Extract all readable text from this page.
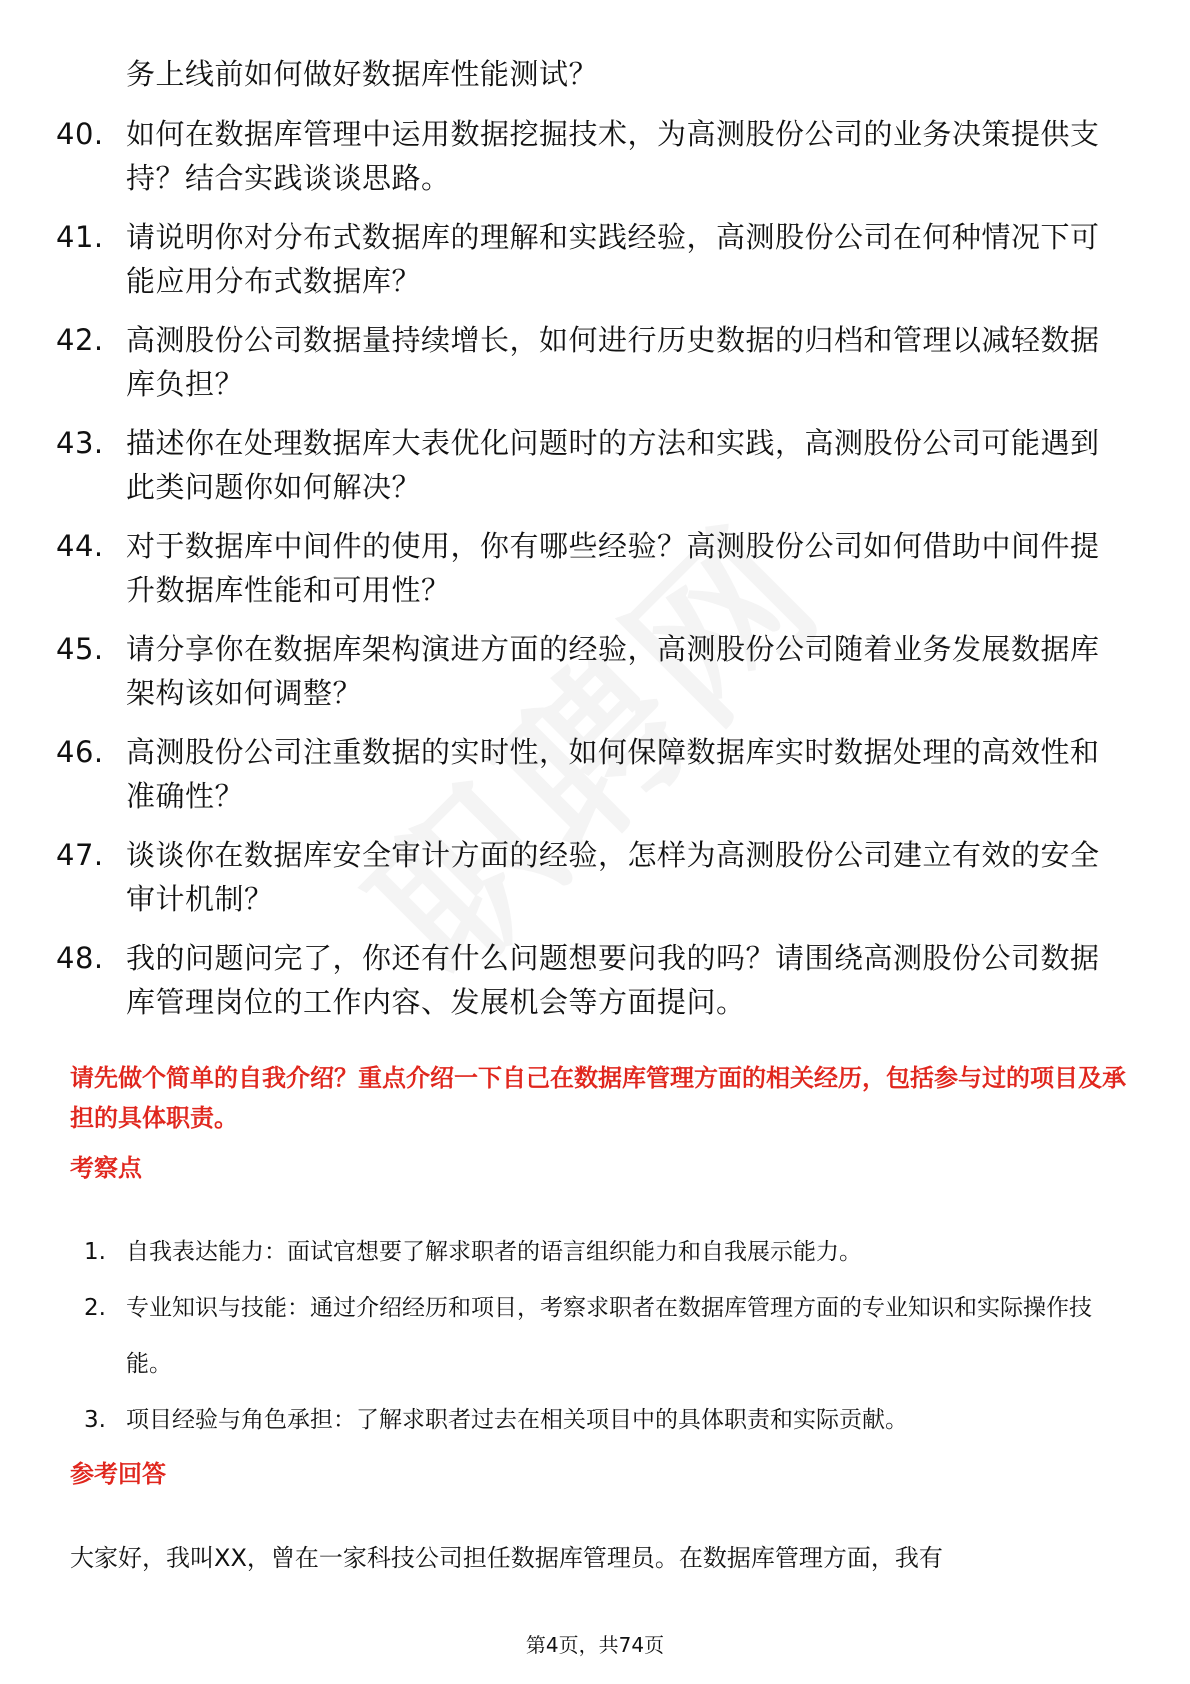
务上线前如何做好数据库性能测试？
40. 如何在数据库管理中运用数据挖掘技术，为高测股份公司的业务决策提供支持？结合实践谈谈思路。
41. 请说明你对分布式数据库的理解和实践经验，高测股份公司在何种情况下可能应用分布式数据库？
42. 高测股份公司数据量持续增长，如何进行历史数据的归档和管理以减轻数据库负担？
43. 描述你在处理数据库大表优化问题时的方法和实践，高测股份公司可能遇到此类问题你如何解决？
44. 对于数据库中间件的使用，你有哪些经验？高测股份公司如何借助中间件提升数据库性能和可用性？
45. 请分享你在数据库架构演进方面的经验，高测股份公司随着业务发展数据库架构该如何调整？
46. 高测股份公司注重数据的实时性，如何保障数据库实时数据处理的高效性和准确性？
47. 谈谈你在数据库安全审计方面的经验，怎样为高测股份公司建立有效的安全审计机制？
48. 我的问题问完了，你还有什么问题想要问我的吗？请围绕高测股份公司数据库管理岗位的工作内容、发展机会等方面提问。
请先做个简单的自我介绍？重点介绍一下自己在数据库管理方面的相关经历，包括参与过的项目及承担的具体职责。
考察点
1. 自我表达能力：面试官想要了解求职者的语言组织能力和自我展示能力。
2. 专业知识与技能：通过介绍经历和项目，考察求职者在数据库管理方面的专业知识和实际操作技能。
3. 项目经验与角色承担：了解求职者过去在相关项目中的具体职责和实际贡献。
参考回答
大家好，我叫XX，曾在一家科技公司担任数据库管理员。在数据库管理方面，我有
第4页，共74页
